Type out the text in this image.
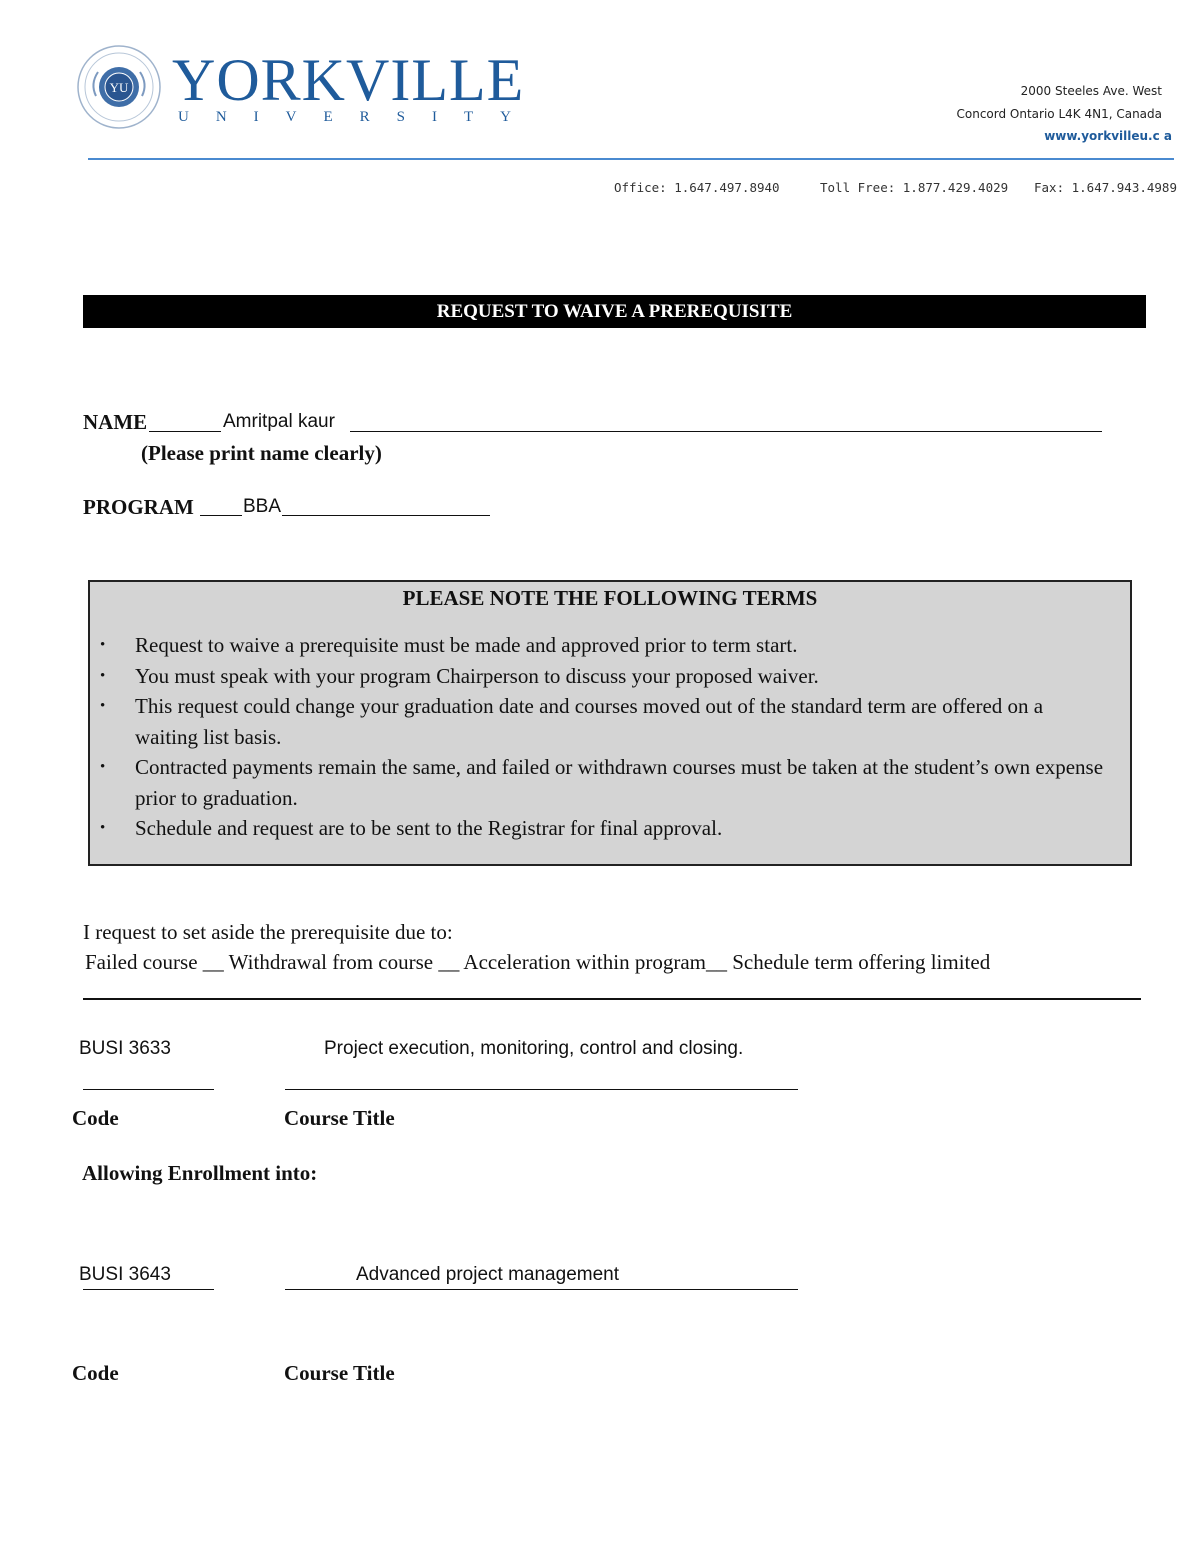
YU YORKVILLE
UNIVERSITY
2000 Steeles Ave. West
Concord Ontario L4K 4N1, Canada
www.yorkvilleu.c a
Office: 1.647.497.8940	Toll Free: 1.877.429.4029 Fax: 1.647.943.4989
REQUEST TO WAIVE A PREREQUISITE
NAME	Amritpal kaur
(Please print name clearly)
PROGRAM	BBA
PLEASE NOTE THE FOLLOWING TERMS
•	Request to waive a prerequisite must be made and approved prior to term start.
•	You must speak with your program Chairperson to discuss your proposed waiver.
•	This request could change your graduation date and courses moved out of the standard term are offered on a waiting list basis.
•	Contracted payments remain the same, and failed or withdrawn courses must be taken at the student’s own expense prior to graduation.
•	Schedule and request are to be sent to the Registrar for final approval.
I request to set aside the prerequisite due to:
Failed course __ Withdrawal from course __ Acceleration within program__ Schedule term offering limited
BUSI 3633	Project execution, monitoring, control and closing.
Code	Course Title
Allowing Enrollment into:
BUSI 3643	Advanced project management
Code	Course Title
